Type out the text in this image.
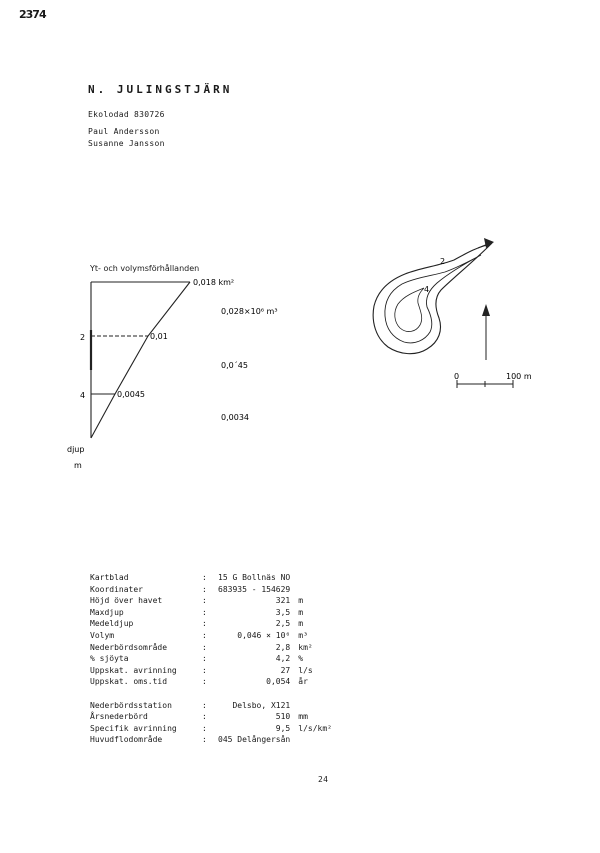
2374
N. JULINGSTJÄRN
Ekolodad 830726
Paul Andersson
Susanne Jansson
Yt- och volymsförhållanden
2
4
0,018 km²
0,01
0,0045
0,028×10⁶ m³
0,0´45
0,0034
djup
m
2
4
0	100 m
Kartblad	:	15 G Bollnäs NO	
Koordinater	:	683935 - 154629	
Höjd över havet	:	321	m
Maxdjup	:	3,5	m
Medeldjup	:	2,5	m
Volym	:	0,046 × 10⁶	m³
Nederbördsområde	:	2,8	km²
% sjöyta	:	4,2	%
Uppskat. avrinning	:	27	l/s
Uppskat. oms.tid	:	0,054	år

Nederbördsstation	:	Delsbo, X121	
Årsnederbörd	:	510	mm
Specifik avrinning	:	9,5	l/s/km²
Huvudflodområde	:	045 Delångersån	
24
